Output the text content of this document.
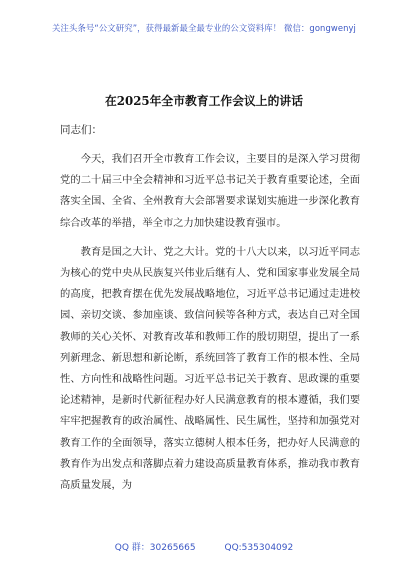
关注头条号“公文研究”，获得最新最全最专业的公文资料库！ 微信：gongwenyj
在2025年全市教育工作会议上的讲话
同志们：

今天，我们召开全市教育工作会议，主要目的是深入学习贯彻党的二十届三中全会精神和习近平总书记关于教育重要论述，全面落实全国、全省、全州教育大会部署要求谋划实施进一步深化教育综合改革的举措，举全市之力加快建设教育强市。

教育是国之大计、党之大计。党的十八大以来，以习近平同志为核心的党中央从民族复兴伟业后继有人、党和国家事业发展全局的高度，把教育摆在优先发展战略地位，习近平总书记通过走进校园、亲切交谈、参加座谈、致信问候等各种方式，表达自己对全国教师的关心关怀、对教育改革和教师工作的殷切期望，提出了一系列新理念、新思想和新论断，系统回答了教育工作的根本性、全局性、方向性和战略性问题。习近平总书记关于教育、思政课的重要论述精神，是新时代新征程办好人民满意教育的根本遵循，我们要牢牢把握教育的政治属性、战略属性、民生属性，坚持和加强党对教育工作的全面领导，落实立德树人根本任务，把办好人民满意的教育作为出发点和落脚点着力建设高质量教育体系，推动我市教育高质量发展，为

QQ 群：30265665	QQ:535304092
